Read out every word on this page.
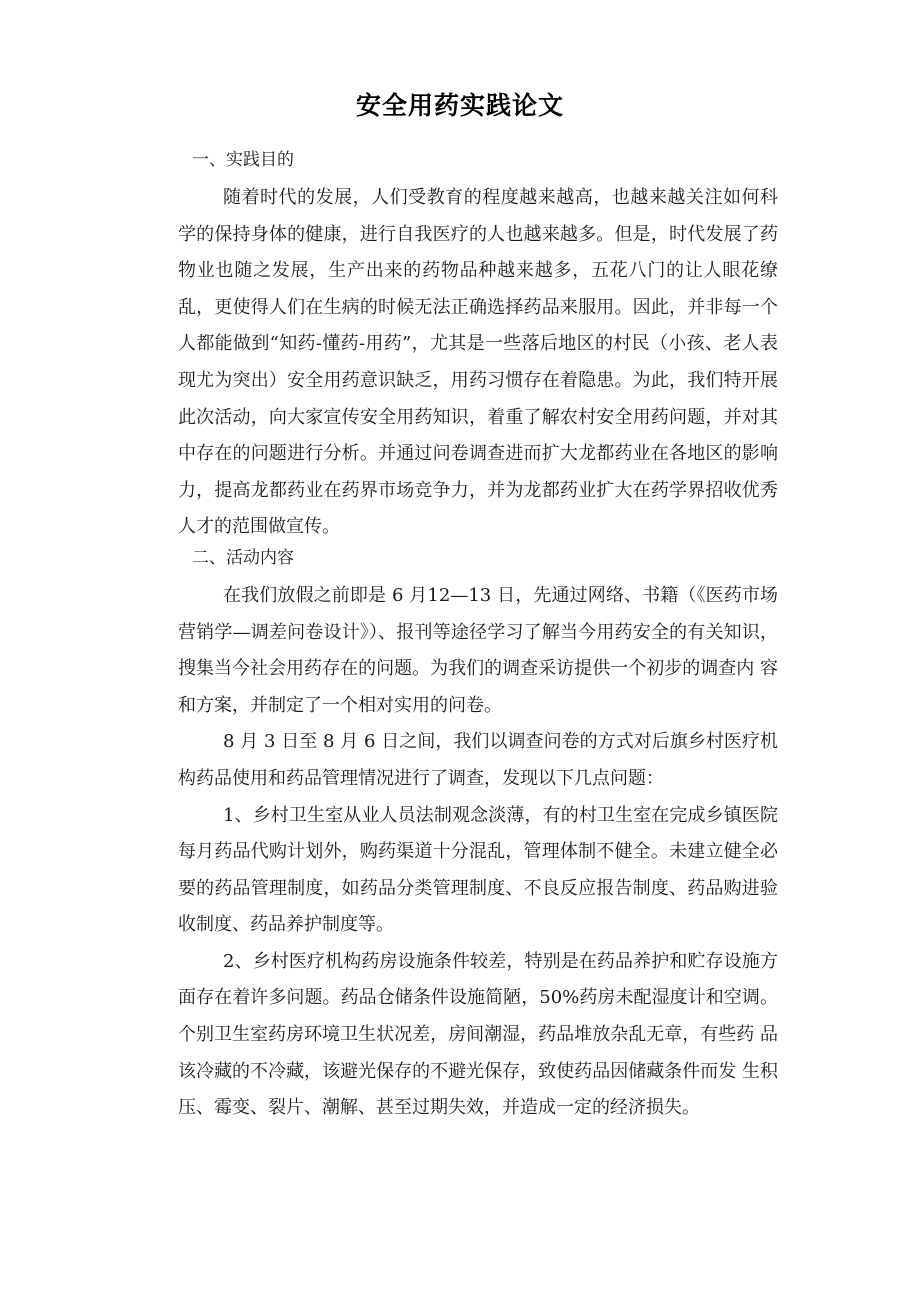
安全用药实践论文
一、实践目的

随着时代的发展，人们受教育的程度越来越高，也越来越关注如何科学的保持身体的健康，进行自我医疗的人也越来越多。但是，时代发展了药物业也随之发展，生产出来的药物品种越来越多，五花八门的让人眼花缭乱，更使得人们在生病的时候无法正确选择药品来服用。因此，并非每一个人都能做到“知药-懂药-用药”，尤其是一些落后地区的村民（小孩、老人表现尤为突出）安全用药意识缺乏，用药习惯存在着隐患。为此，我们特开展此次活动，向大家宣传安全用药知识，着重了解农村安全用药问题，并对其中存在的问题进行分析。并通过问卷调查进而扩大龙都药业在各地区的影响力，提高龙都药业在药界市场竞争力，并为龙都药业扩大在药学界招收优秀人才的范围做宣传。

二、活动内容

在我们放假之前即是 6 月12—13 日，先通过网络、书籍（《医药市场 营销学—调差问卷设计》）、报刊等途径学习了解当今用药安全的有关知识， 搜集当今社会用药存在的问题。为我们的调查采访提供一个初步的调查内 容和方案，并制定了一个相对实用的问卷。

8 月 3 日至 8 月 6 日之间，我们以调查问卷的方式对后旗乡村医疗机 构药品使用和药品管理情况进行了调查，发现以下几点问题：

1、乡村卫生室从业人员法制观念淡薄，有的村卫生室在完成乡镇医院每月药品代购计划外，购药渠道十分混乱，管理体制不健全。未建立健全必要的药品管理制度，如药品分类管理制度、不良反应报告制度、药品购进验收制度、药品养护制度等。

2、乡村医疗机构药房设施条件较差，特别是在药品养护和贮存设施方面存在着许多问题。药品仓储条件设施简陋，50%药房未配湿度计和空调。 个别卫生室药房环境卫生状况差，房间潮湿，药品堆放杂乱无章，有些药 品该冷藏的不冷藏，该避光保存的不避光保存，致使药品因储藏条件而发 生积压、霉变、裂片、潮解、甚至过期失效，并造成一定的经济损失。
